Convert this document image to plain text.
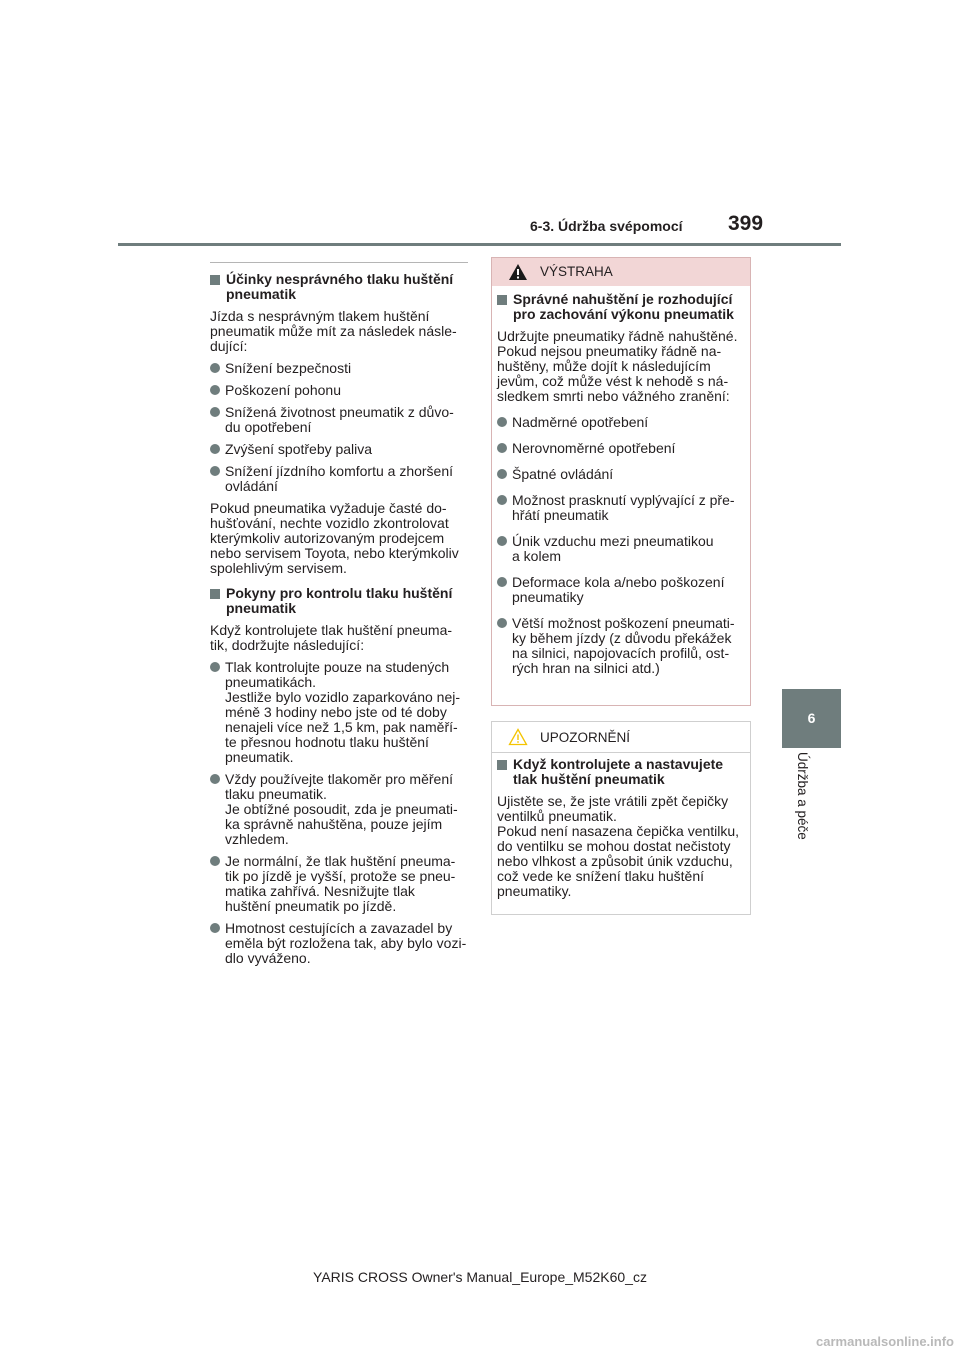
6-3. Údržba svépomocí 399
6
Údržba a péče
Účinky nesprávného tlaku huštění
pneumatik
Jízda s nesprávným tlakem huštění
pneumatik může mít za následek násle-
dující:
Snížení bezpečnosti
Poškození pohonu
Snížená životnost pneumatik z důvo-
du opotřebení
Zvýšení spotřeby paliva
Snížení jízdního komfortu a zhoršení
ovládání
Pokud pneumatika vyžaduje časté do-
hušťování, nechte vozidlo zkontrolovat
kterýmkoliv autorizovaným prodejcem
nebo servisem Toyota, nebo kterýmkoliv
spolehlivým servisem.
Pokyny pro kontrolu tlaku huštění
pneumatik
Když kontrolujete tlak huštění pneuma-
tik, dodržujte následující:
Tlak kontrolujte pouze na studených
pneumatikách.
Jestliže bylo vozidlo zaparkováno nej-
méně 3 hodiny nebo jste od té doby
nenajeli více než 1,5 km, pak naměří-
te přesnou hodnotu tlaku huštění
pneumatik.
Vždy používejte tlakoměr pro měření
tlaku pneumatik.
Je obtížné posoudit, zda je pneumati-
ka správně nahuštěna, pouze jejím
vzhledem.
Je normální, že tlak huštění pneuma-
tik po jízdě je vyšší, protože se pneu-
matika zahřívá. Nesnižujte tlak
huštění pneumatik po jízdě.
Hmotnost cestujících a zavazadel by
eměla být rozložena tak, aby bylo vozi-
dlo vyváženo.
VÝSTRAHA
Správné nahuštění je rozhodující
pro zachování výkonu pneumatik
Udržujte pneumatiky řádně nahuštěné.
Pokud nejsou pneumatiky řádně na-
huštěny, může dojít k následujícím
jevům, což může vést k nehodě s ná-
sledkem smrti nebo vážného zranění:
Nadměrné opotřebení
Nerovnoměrné opotřebení
Špatné ovládání
Možnost prasknutí vyplývající z pře-
hřátí pneumatik
Únik vzduchu mezi pneumatikou
a kolem
Deformace kola a/nebo poškození
pneumatiky
Větší možnost poškození pneumati-
ky během jízdy (z důvodu překážek
na silnici, napojovacích profilů, ost-
rých hran na silnici atd.)
UPOZORNĚNÍ
Když kontrolujete a nastavujete
tlak huštění pneumatik
Ujistěte se, že jste vrátili zpět čepičky
ventilků pneumatik.
Pokud není nasazena čepička ventilku,
do ventilku se mohou dostat nečistoty
nebo vlhkost a způsobit únik vzduchu,
což vede ke snížení tlaku huštění
pneumatiky.
YARIS CROSS Owner's Manual_Europe_M52K60_cz
carmanualsonline.info
